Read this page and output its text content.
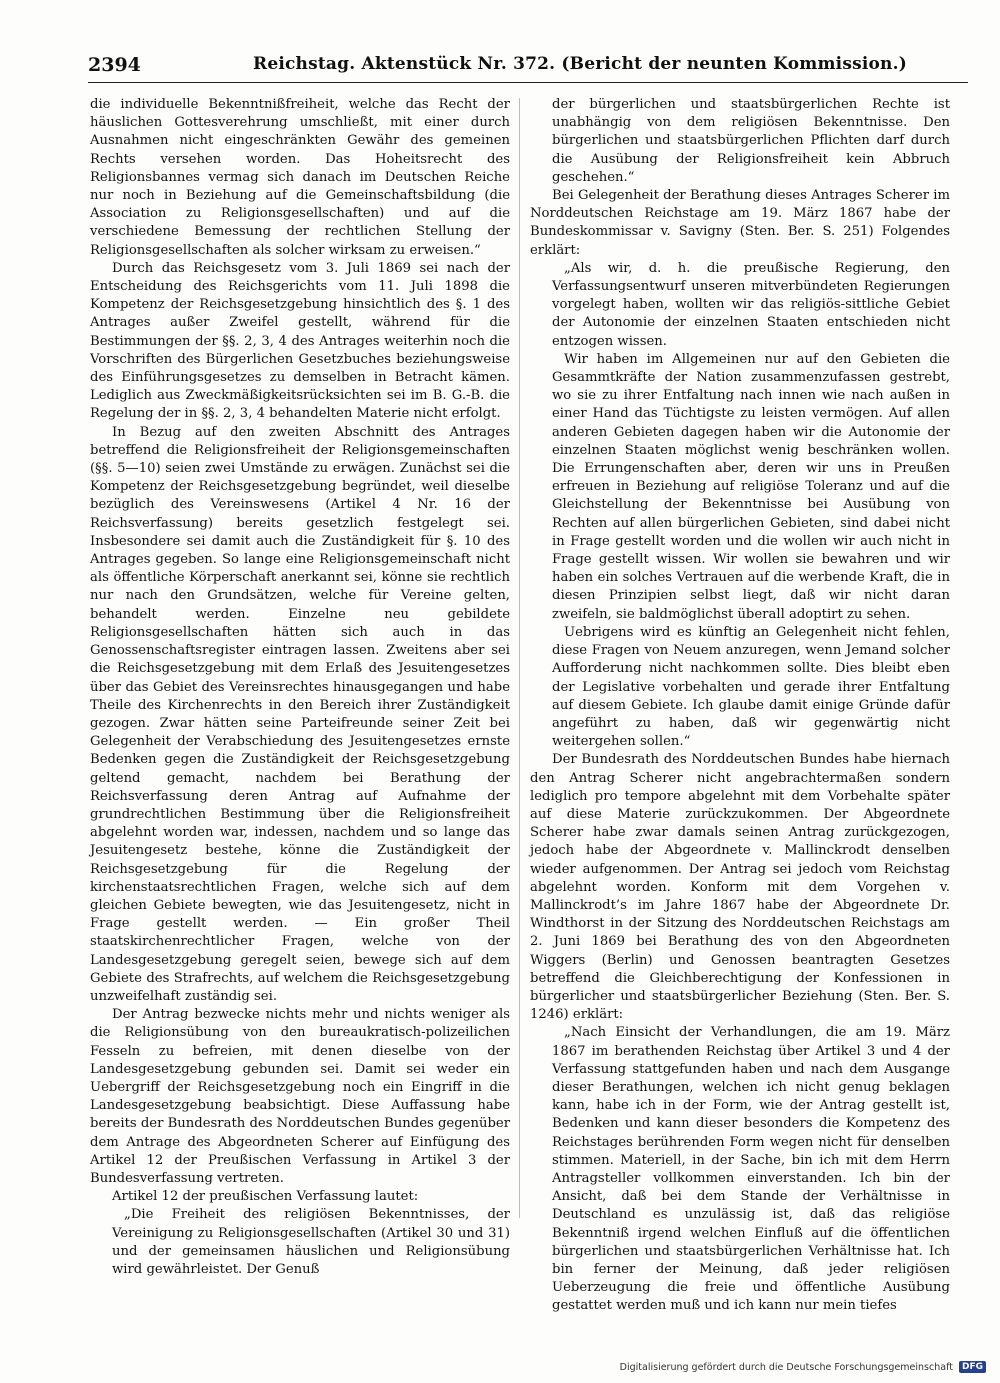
2394	Reichstag. Aktenstück Nr. 372. (Bericht der neunten Kommission.)

die individuelle Bekenntnißfreiheit, welche das Recht der häuslichen Gottesverehrung umschließt, mit einer durch Ausnahmen nicht eingeschränkten Gewähr des gemeinen Rechts versehen worden. Das Hoheitsrecht des Religionsbannes vermag sich danach im Deutschen Reiche nur noch in Beziehung auf die Gemeinschaftsbildung (die Association zu Religionsgesellschaften) und auf die verschiedene Bemessung der rechtlichen Stellung der Religionsgesellschaften als solcher wirksam zu erweisen.“

Durch das Reichsgesetz vom 3. Juli 1869 sei nach der Entscheidung des Reichsgerichts vom 11. Juli 1898 die Kompetenz der Reichsgesetzgebung hinsichtlich des §. 1 des Antrages außer Zweifel gestellt, während für die Bestimmungen der §§. 2, 3, 4 des Antrages weiterhin noch die Vorschriften des Bürgerlichen Gesetzbuches beziehungsweise des Einführungsgesetzes zu demselben in Betracht kämen. Lediglich aus Zweckmäßigkeitsrücksichten sei im B. G.-B. die Regelung der in §§. 2, 3, 4 behandelten Materie nicht erfolgt.

In Bezug auf den zweiten Abschnitt des Antrages betreffend die Religionsfreiheit der Religionsgemeinschaften (§§. 5—10) seien zwei Umstände zu erwägen. Zunächst sei die Kompetenz der Reichsgesetzgebung begründet, weil dieselbe bezüglich des Vereinswesens (Artikel 4 Nr. 16 der Reichsverfassung) bereits gesetzlich festgelegt sei. Insbesondere sei damit auch die Zuständigkeit für §. 10 des Antrages gegeben. So lange eine Religionsgemeinschaft nicht als öffentliche Körperschaft anerkannt sei, könne sie rechtlich nur nach den Grundsätzen, welche für Vereine gelten, behandelt werden. Einzelne neu gebildete Religionsgesellschaften hätten sich auch in das Genossenschaftsregister eintragen lassen. Zweitens aber sei die Reichsgesetzgebung mit dem Erlaß des Jesuitengesetzes über das Gebiet des Vereinsrechtes hinausgegangen und habe Theile des Kirchenrechts in den Bereich ihrer Zuständigkeit gezogen. Zwar hätten seine Parteifreunde seiner Zeit bei Gelegenheit der Verabschiedung des Jesuitengesetzes ernste Bedenken gegen die Zuständigkeit der Reichsgesetzgebung geltend gemacht, nachdem bei Berathung der Reichsverfassung deren Antrag auf Aufnahme der grundrechtlichen Bestimmung über die Religionsfreiheit abgelehnt worden war, indessen, nachdem und so lange das Jesuitengesetz bestehe, könne die Zuständigkeit der Reichsgesetzgebung für die Regelung der kirchenstaatsrechtlichen Fragen, welche sich auf dem gleichen Gebiete bewegten, wie das Jesuitengesetz, nicht in Frage gestellt werden. — Ein großer Theil staatskirchenrechtlicher Fragen, welche von der Landesgesetzgebung geregelt seien, bewege sich auf dem Gebiete des Strafrechts, auf welchem die Reichsgesetzgebung unzweifelhaft zuständig sei.

Der Antrag bezwecke nichts mehr und nichts weniger als die Religionsübung von den bureaukratisch-polizeilichen Fesseln zu befreien, mit denen dieselbe von der Landesgesetzgebung gebunden sei. Damit sei weder ein Uebergriff der Reichsgesetzgebung noch ein Eingriff in die Landesgesetzgebung beabsichtigt. Diese Auffassung habe bereits der Bundesrath des Norddeutschen Bundes gegenüber dem Antrage des Abgeordneten Scherer auf Einfügung des Artikel 12 der Preußischen Verfassung in Artikel 3 der Bundesverfassung vertreten.

Artikel 12 der preußischen Verfassung lautet:

„Die Freiheit des religiösen Bekenntnisses, der Vereinigung zu Religionsgesellschaften (Artikel 30 und 31) und der gemeinsamen häuslichen und Religionsübung wird gewährleistet. Der Genuß

der bürgerlichen und staatsbürgerlichen Rechte ist unabhängig von dem religiösen Bekenntnisse. Den bürgerlichen und staatsbürgerlichen Pflichten darf durch die Ausübung der Religionsfreiheit kein Abbruch geschehen.“

Bei Gelegenheit der Berathung dieses Antrages Scherer im Norddeutschen Reichstage am 19. März 1867 habe der Bundeskommissar v. Savigny (Sten. Ber. S. 251) Folgendes erklärt:

„Als wir, d. h. die preußische Regierung, den Verfassungsentwurf unseren mitverbündeten Regierungen vorgelegt haben, wollten wir das religiös-sittliche Gebiet der Autonomie der einzelnen Staaten entschieden nicht entzogen wissen.

Wir haben im Allgemeinen nur auf den Gebieten die Gesammtkräfte der Nation zusammenzufassen gestrebt, wo sie zu ihrer Entfaltung nach innen wie nach außen in einer Hand das Tüchtigste zu leisten vermögen. Auf allen anderen Gebieten dagegen haben wir die Autonomie der einzelnen Staaten möglichst wenig beschränken wollen. Die Errungenschaften aber, deren wir uns in Preußen erfreuen in Beziehung auf religiöse Toleranz und auf die Gleichstellung der Bekenntnisse bei Ausübung von Rechten auf allen bürgerlichen Gebieten, sind dabei nicht in Frage gestellt worden und die wollen wir auch nicht in Frage gestellt wissen. Wir wollen sie bewahren und wir haben ein solches Vertrauen auf die werbende Kraft, die in diesen Prinzipien selbst liegt, daß wir nicht daran zweifeln, sie baldmöglichst überall adoptirt zu sehen.

Uebrigens wird es künftig an Gelegenheit nicht fehlen, diese Fragen von Neuem anzuregen, wenn Jemand solcher Aufforderung nicht nachkommen sollte. Dies bleibt eben der Legislative vorbehalten und gerade ihrer Entfaltung auf diesem Gebiete. Ich glaube damit einige Gründe dafür angeführt zu haben, daß wir gegenwärtig nicht weitergehen sollen.“

Der Bundesrath des Norddeutschen Bundes habe hiernach den Antrag Scherer nicht angebrachtermaßen sondern lediglich pro tempore abgelehnt mit dem Vorbehalte später auf diese Materie zurückzukommen. Der Abgeordnete Scherer habe zwar damals seinen Antrag zurückgezogen, jedoch habe der Abgeordnete v. Mallinckrodt denselben wieder aufgenommen. Der Antrag sei jedoch vom Reichstag abgelehnt worden. Konform mit dem Vorgehen v. Mallinckrodt’s im Jahre 1867 habe der Abgeordnete Dr. Windthorst in der Sitzung des Norddeutschen Reichstags am 2. Juni 1869 bei Berathung des von den Abgeordneten Wiggers (Berlin) und Genossen beantragten Gesetzes betreffend die Gleichberechtigung der Konfessionen in bürgerlicher und staatsbürgerlicher Beziehung (Sten. Ber. S. 1246) erklärt:

„Nach Einsicht der Verhandlungen, die am 19. März 1867 im berathenden Reichstag über Artikel 3 und 4 der Verfassung stattgefunden haben und nach dem Ausgange dieser Berathungen, welchen ich nicht genug beklagen kann, habe ich in der Form, wie der Antrag gestellt ist, Bedenken und kann dieser besonders die Kompetenz des Reichstages berührenden Form wegen nicht für denselben stimmen. Materiell, in der Sache, bin ich mit dem Herrn Antragsteller vollkommen einverstanden. Ich bin der Ansicht, daß bei dem Stande der Verhältnisse in Deutschland es unzulässig ist, daß das religiöse Bekenntniß irgend welchen Einfluß auf die öffentlichen bürgerlichen und staatsbürgerlichen Verhältnisse hat. Ich bin ferner der Meinung, daß jeder religiösen Ueberzeugung die freie und öffentliche Ausübung gestattet werden muß und ich kann nur mein tiefes

Digitalisierung gefördert durch die Deutsche Forschungsgemeinschaft	DFG
